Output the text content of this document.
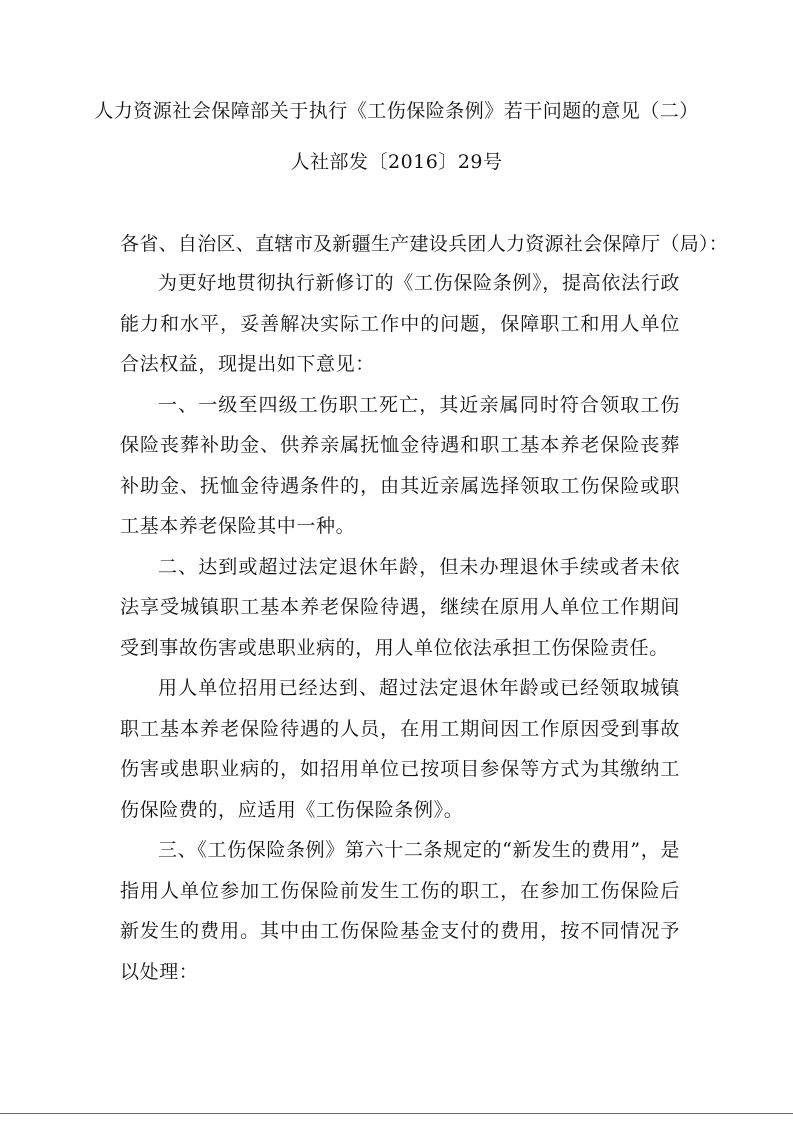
人力资源社会保障部关于执行《工伤保险条例》若干问题的意见（二）
人社部发〔2016〕29号
各省、自治区、直辖市及新疆生产建设兵团人力资源社会保障厅（局）：

为更好地贯彻执行新修订的《工伤保险条例》，提高依法行政能力和水平，妥善解决实际工作中的问题，保障职工和用人单位合法权益，现提出如下意见：

一、一级至四级工伤职工死亡，其近亲属同时符合领取工伤保险丧葬补助金、供养亲属抚恤金待遇和职工基本养老保险丧葬补助金、抚恤金待遇条件的，由其近亲属选择领取工伤保险或职工基本养老保险其中一种。

二、达到或超过法定退休年龄，但未办理退休手续或者未依法享受城镇职工基本养老保险待遇，继续在原用人单位工作期间受到事故伤害或患职业病的，用人单位依法承担工伤保险责任。

用人单位招用已经达到、超过法定退休年龄或已经领取城镇职工基本养老保险待遇的人员，在用工期间因工作原因受到事故伤害或患职业病的，如招用单位已按项目参保等方式为其缴纳工伤保险费的，应适用《工伤保险条例》。

三、《工伤保险条例》第六十二条规定的“新发生的费用”，是指用人单位参加工伤保险前发生工伤的职工，在参加工伤保险后新发生的费用。其中由工伤保险基金支付的费用，按不同情况予以处理：
